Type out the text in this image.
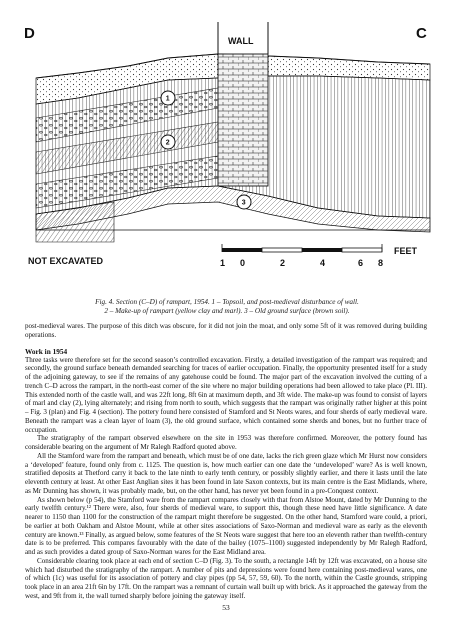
D	C
WALL
1
2
3
NOT EXCAVATED	1 0	2	4	6 8
FEET
Fig. 4. Section (C–D) of rampart, 1954. 1 – Topsoil, and post-medieval disturbance of wall.
2 – Make-up of rampart (yellow clay and marl). 3 – Old ground surface (brown soil).

post-medieval wares. The purpose of this ditch was obscure, for it did not join the moat, and only some 5ft of it was removed during building operations.

Work in 1954

Three tasks were therefore set for the second season’s controlled excavation. Firstly, a detailed investigation of the rampart was required; and secondly, the ground surface beneath demanded searching for traces of earlier occupation. Finally, the opportunity presented itself for a study of the adjoining gateway, to see if the remains of any gatehouse could be found. The major part of the excavation involved the cutting of a trench C–D across the rampart, in the north-east corner of the site where no major building operations had been allowed to take place (Pl. III). This extended north of the castle wall, and was 22ft long, 8ft 6in at maximum depth, and 3ft wide. The make-up was found to consist of layers of marl and clay (2), lying alternately; and rising from north to south, which suggests that the rampart was originally rather higher at this point – Fig. 3 (plan) and Fig. 4 (section). The pottery found here consisted of Stamford and St Neots wares, and four sherds of early medieval ware. Beneath the rampart was a clean layer of loam (3), the old ground surface, which contained some sherds and bones, but no further trace of occupation.

The stratigraphy of the rampart observed elsewhere on the site in 1953 was therefore confirmed. Moreover, the pottery found has considerable bearing on the argument of Mr Ralegh Radford quoted above.

All the Stamford ware from the rampart and beneath, which must be of one date, lacks the rich green glaze which Mr Hurst now considers a ‘developed’ feature, found only from c. 1125. The question is, how much earlier can one date the ‘undeveloped’ ware? As is well known, stratified deposits at Thetford carry it back to the late ninth to early tenth century, or possibly slightly earlier, and there it lasts until the late eleventh century at least. At other East Anglian sites it has been found in late Saxon contexts, but its main centre is the East Midlands, where, as Mr Dunning has shown, it was probably made, but, on the other hand, has never yet been found in a pre-Conquest context.

As shown below (p 54), the Stamford ware from the rampart compares closely with that from Alstoe Mount, dated by Mr Dunning to the early twelfth century.¹² There were, also, four sherds of medieval ware, to support this, though these need have little significance. A date nearer to 1150 than 1100 for the construction of the rampart might therefore be suggested. On the other hand, Stamford ware could, a priori, be earlier at both Oakham and Alstoe Mount, while at other sites associations of Saxo-Norman and medieval ware as early as the eleventh century are known.¹³ Finally, as argued below, some features of the St Neots ware suggest that here too an eleventh rather than twelfth-century date is to be preferred. This compares favourably with the date of the bailey (1075–1100) suggested independently by Mr Ralegh Radford, and as such provides a dated group of Saxo-Norman wares for the East Midland area.

Considerable clearing took place at each end of section C–D (Fig. 3). To the south, a rectangle 14ft by 12ft was excavated, on a house site which had disturbed the stratigraphy of the rampart. A number of pits and depressions were found here containing post-medieval wares, one of which (1c) was useful for its association of pottery and clay pipes (pp 54, 57, 59, 60). To the north, within the Castle grounds, stripping took place in an area 21ft 6in by 17ft. On the rampart was a remnant of curtain wall built up with brick. As it approached the gateway from the west, and 9ft from it, the wall turned sharply before joining the gateway itself.

53
